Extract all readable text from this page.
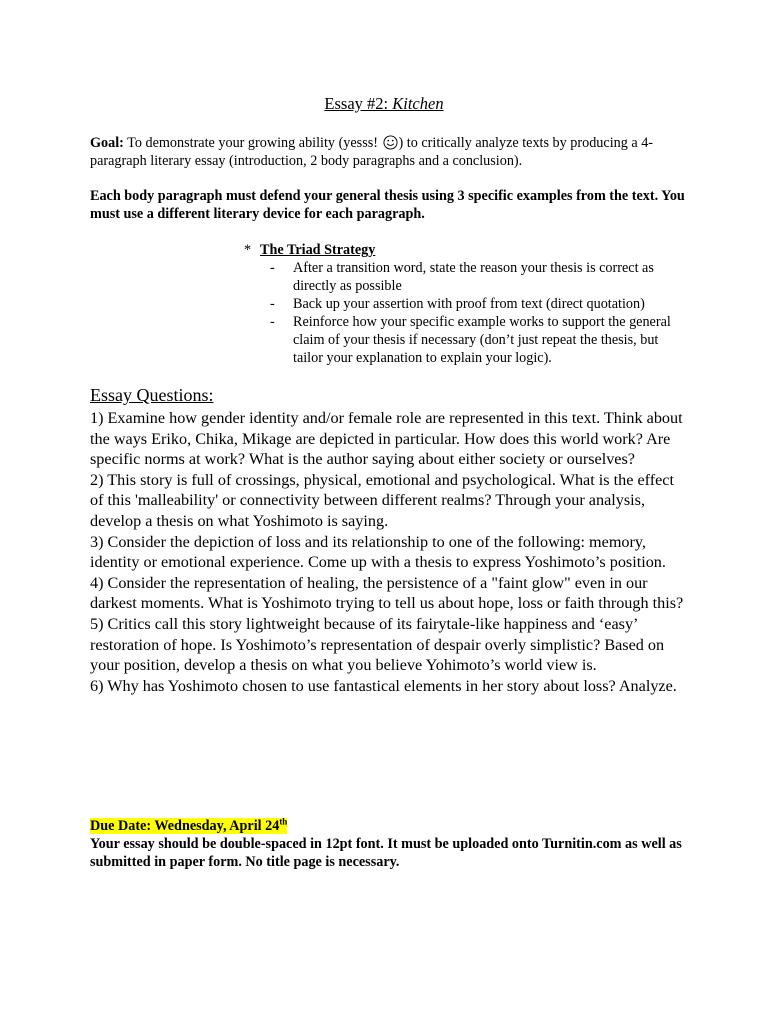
Essay #2: Kitchen
Goal: To demonstrate your growing ability (yesss! ) to critically analyze texts by producing a 4-paragraph literary essay (introduction, 2 body paragraphs and a conclusion).
Each body paragraph must defend your general thesis using 3 specific examples from the text. You must use a different literary device for each paragraph.
* The Triad Strategy
- After a transition word, state the reason your thesis is correct as directly as possible
- Back up your assertion with proof from text (direct quotation)
- Reinforce how your specific example works to support the general claim of your thesis if necessary (don’t just repeat the thesis, but tailor your explanation to explain your logic).
Essay Questions:

1) Examine how gender identity and/or female role are represented in this text. Think about the ways Eriko, Chika, Mikage are depicted in particular. How does this world work? Are specific norms at work? What is the author saying about either society or ourselves?

2) This story is full of crossings, physical, emotional and psychological. What is the effect of this 'malleability' or connectivity between different realms? Through your analysis, develop a thesis on what Yoshimoto is saying.

3) Consider the depiction of loss and its relationship to one of the following: memory, identity or emotional experience. Come up with a thesis to express Yoshimoto’s position.

4) Consider the representation of healing, the persistence of a "faint glow" even in our darkest moments. What is Yoshimoto trying to tell us about hope, loss or faith through this?

5) Critics call this story lightweight because of its fairytale-like happiness and ‘easy’ restoration of hope. Is Yoshimoto’s representation of despair overly simplistic? Based on your position, develop a thesis on what you believe Yohimoto’s world view is.

6) Why has Yoshimoto chosen to use fantastical elements in her story about loss? Analyze.

Due Date: Wednesday, April 24th
Your essay should be double-spaced in 12pt font. It must be uploaded onto Turnitin.com as well as submitted in paper form. No title page is necessary.
